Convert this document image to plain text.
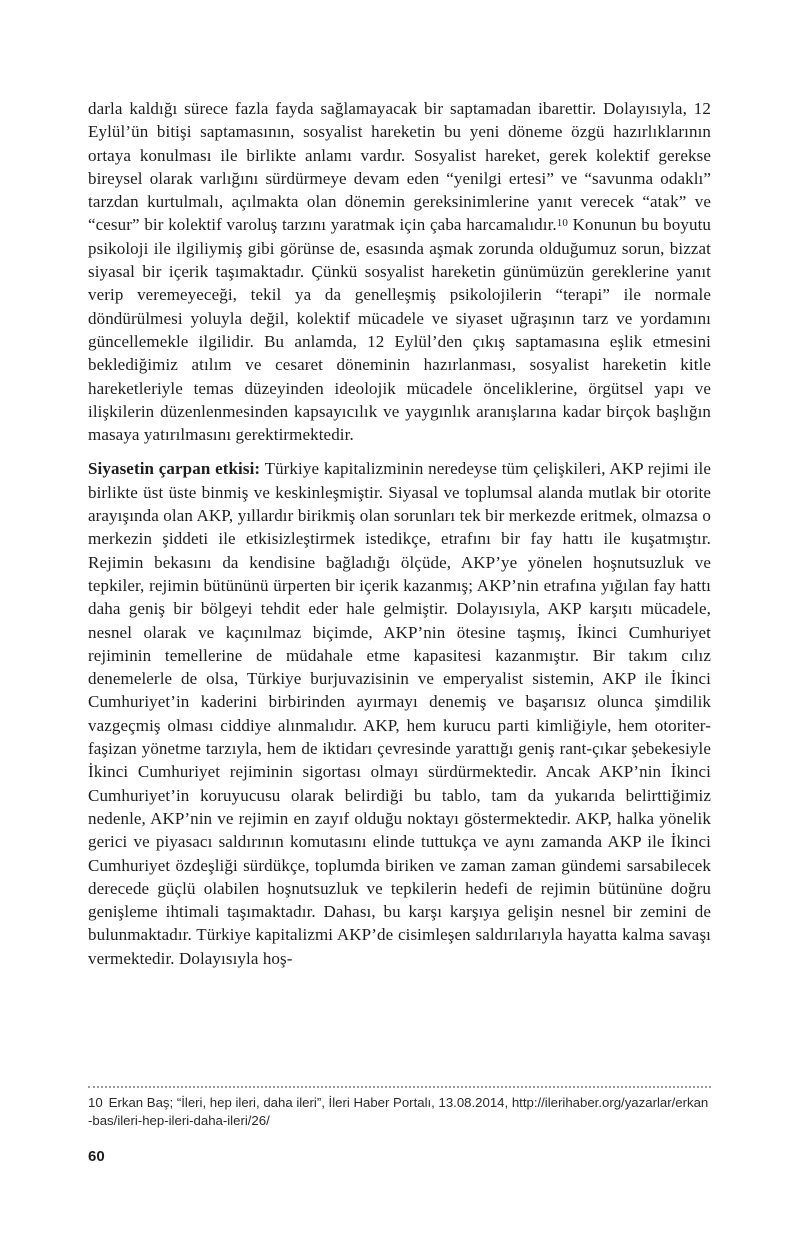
darla kaldığı sürece fazla fayda sağlamayacak bir saptamadan ibarettir. Dolayısıyla, 12 Eylül’ün bitişi saptamasının, sosyalist hareketin bu yeni döneme özgü hazırlıklarının ortaya konulması ile birlikte anlamı vardır. Sosyalist hareket, gerek kolektif gerekse bireysel olarak varlığını sürdürmeye devam eden “yenilgi ertesi” ve “savunma odaklı” tarzdan kurtulmalı, açılmakta olan dönemin gereksinimlerine yanıt verecek “atak” ve “cesur” bir kolektif varoluş tarzını yaratmak için çaba harcamalıdır.$^{10}$ Konunun bu boyutu psikoloji ile ilgiliymiş gibi görünse de, esasında aşmak zorunda olduğumuz sorun, bizzat siyasal bir içerik taşımaktadır. Çünkü sosyalist hareketin günümüzün gereklerine yanıt verip veremeyeceği, tekil ya da genelleşmiş psikolojilerin “terapi” ile normale döndürülmesi yoluyla değil, kolektif mücadele ve siyaset uğraşının tarz ve yordamını güncellemekle ilgilidir. Bu anlamda, 12 Eylül’den çıkış saptamasına eşlik etmesini beklediğimiz atılım ve cesaret döneminin hazırlanması, sosyalist hareketin kitle hareketleriyle temas düzeyinden ideolojik mücadele önceliklerine, örgütsel yapı ve ilişkilerin düzenlenmesinden kapsayıcılık ve yaygınlık aranışlarına kadar birçok başlığın masaya yatırılmasını gerektirmektedir.

Siyasetin çarpan etkisi: Türkiye kapitalizminin neredeyse tüm çelişkileri, AKP rejimi ile birlikte üst üste binmiş ve keskinleşmiştir. Siyasal ve toplumsal alanda mutlak bir otorite arayışında olan AKP, yıllardır birikmiş olan sorunları tek bir merkezde eritmek, olmazsa o merkezin şiddeti ile etkisizleştirmek istedikçe, etrafını bir fay hattı ile kuşatmıştır. Rejimin bekasını da kendisine bağladığı ölçüde, AKP’ye yönelen hoşnutsuzluk ve tepkiler, rejimin bütününü ürperten bir içerik kazanmış; AKP’nin etrafına yığılan fay hattı daha geniş bir bölgeyi tehdit eder hale gelmiştir. Dolayısıyla, AKP karşıtı mücadele, nesnel olarak ve kaçınılmaz biçimde, AKP’nin ötesine taşmış, İkinci Cumhuriyet rejiminin temellerine de müdahale etme kapasitesi kazanmıştır. Bir takım cılız denemelerle de olsa, Türkiye burjuvazisinin ve emperyalist sistemin, AKP ile İkinci Cumhuriyet’in kaderini birbirinden ayırmayı denemiş ve başarısız olunca şimdilik vazgeçmiş olması ciddiye alınmalıdır. AKP, hem kurucu parti kimliğiyle, hem otoriter-faşizan yönetme tarzıyla, hem de iktidarı çevresinde yarattığı geniş rant-çıkar şebekesiyle İkinci Cumhuriyet rejiminin sigortası olmayı sürdürmektedir. Ancak AKP’nin İkinci Cumhuriyet’in koruyucusu olarak belirdiği bu tablo, tam da yukarıda belirttiğimiz nedenle, AKP’nin ve rejimin en zayıf olduğu noktayı göstermektedir. AKP, halka yönelik gerici ve piyasacı saldırının komutasını elinde tuttukça ve aynı zamanda AKP ile İkinci Cumhuriyet özdeşliği sürdükçe, toplumda biriken ve zaman zaman gündemi sarsabilecek derecede güçlü olabilen hoşnutsuzluk ve tepkilerin hedefi de rejimin bütününe doğru genişleme ihtimali taşımaktadır. Dahası, bu karşı karşıya gelişin nesnel bir zemini de bulunmaktadır. Türkiye kapitalizmi AKP’de cisimleşen saldırılarıyla hayatta kalma savaşı vermektedir. Dolayısıyla hoş-

10 Erkan Baş; “İleri, hep ileri, daha ileri”, İleri Haber Portalı, 13.08.2014, http://ilerihaber.org/yazarlar/erkan-bas/ileri-hep-ileri-daha-ileri/26/

60
